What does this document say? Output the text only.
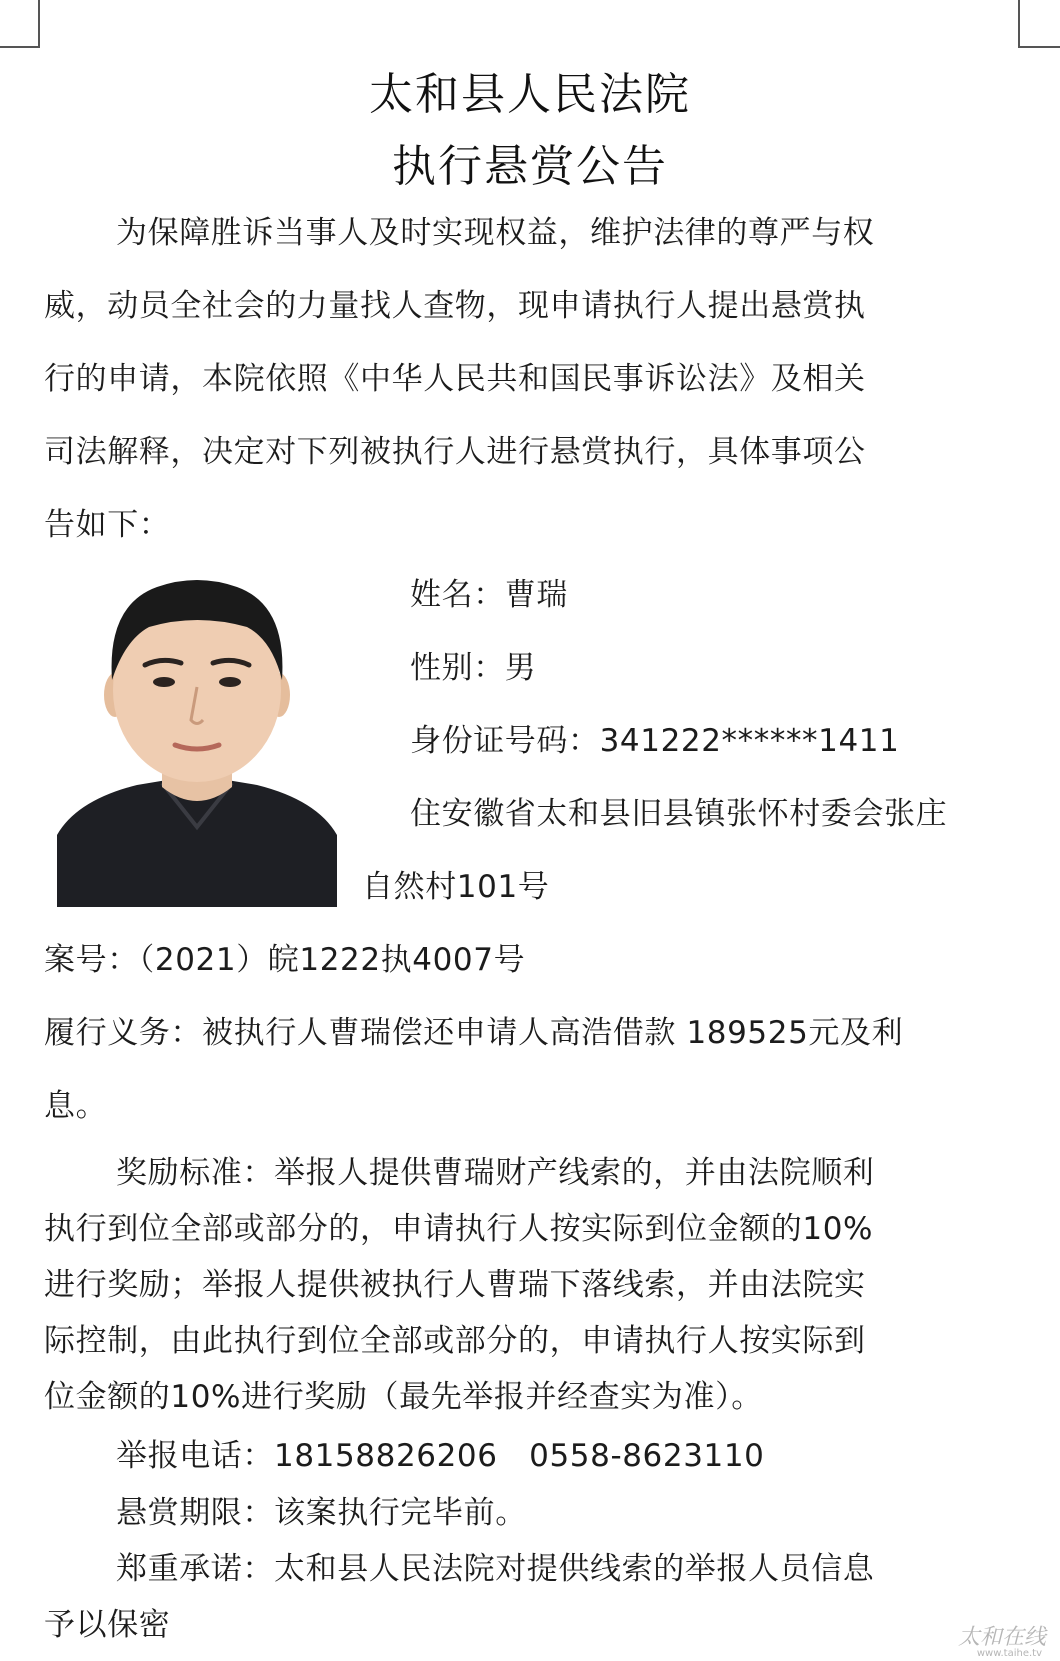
太和县人民法院
执行悬赏公告
为保障胜诉当事人及时实现权益，维护法律的尊严与权
威，动员全社会的力量找人查物，现申请执行人提出悬赏执
行的申请，本院依照《中华人民共和国民事诉讼法》及相关
司法解释，决定对下列被执行人进行悬赏执行，具体事项公
告如下：
姓名：曹瑞
性别：男
身份证号码：341222******1411
住安徽省太和县旧县镇张怀村委会张庄
自然村101号
案号：（2021）皖1222执4007号
履行义务：被执行人曹瑞偿还申请人高浩借款 189525元及利
息。
奖励标准：举报人提供曹瑞财产线索的，并由法院顺利
执行到位全部或部分的，申请执行人按实际到位金额的10%
进行奖励；举报人提供被执行人曹瑞下落线索，并由法院实
际控制，由此执行到位全部或部分的，申请执行人按实际到
位金额的10%进行奖励（最先举报并经查实为准）。
举报电话：18158826206　0558-8623110
悬赏期限：该案执行完毕前。
郑重承诺：太和县人民法院对提供线索的举报人员信息
予以保密	太和在线
www.taihe.tv
